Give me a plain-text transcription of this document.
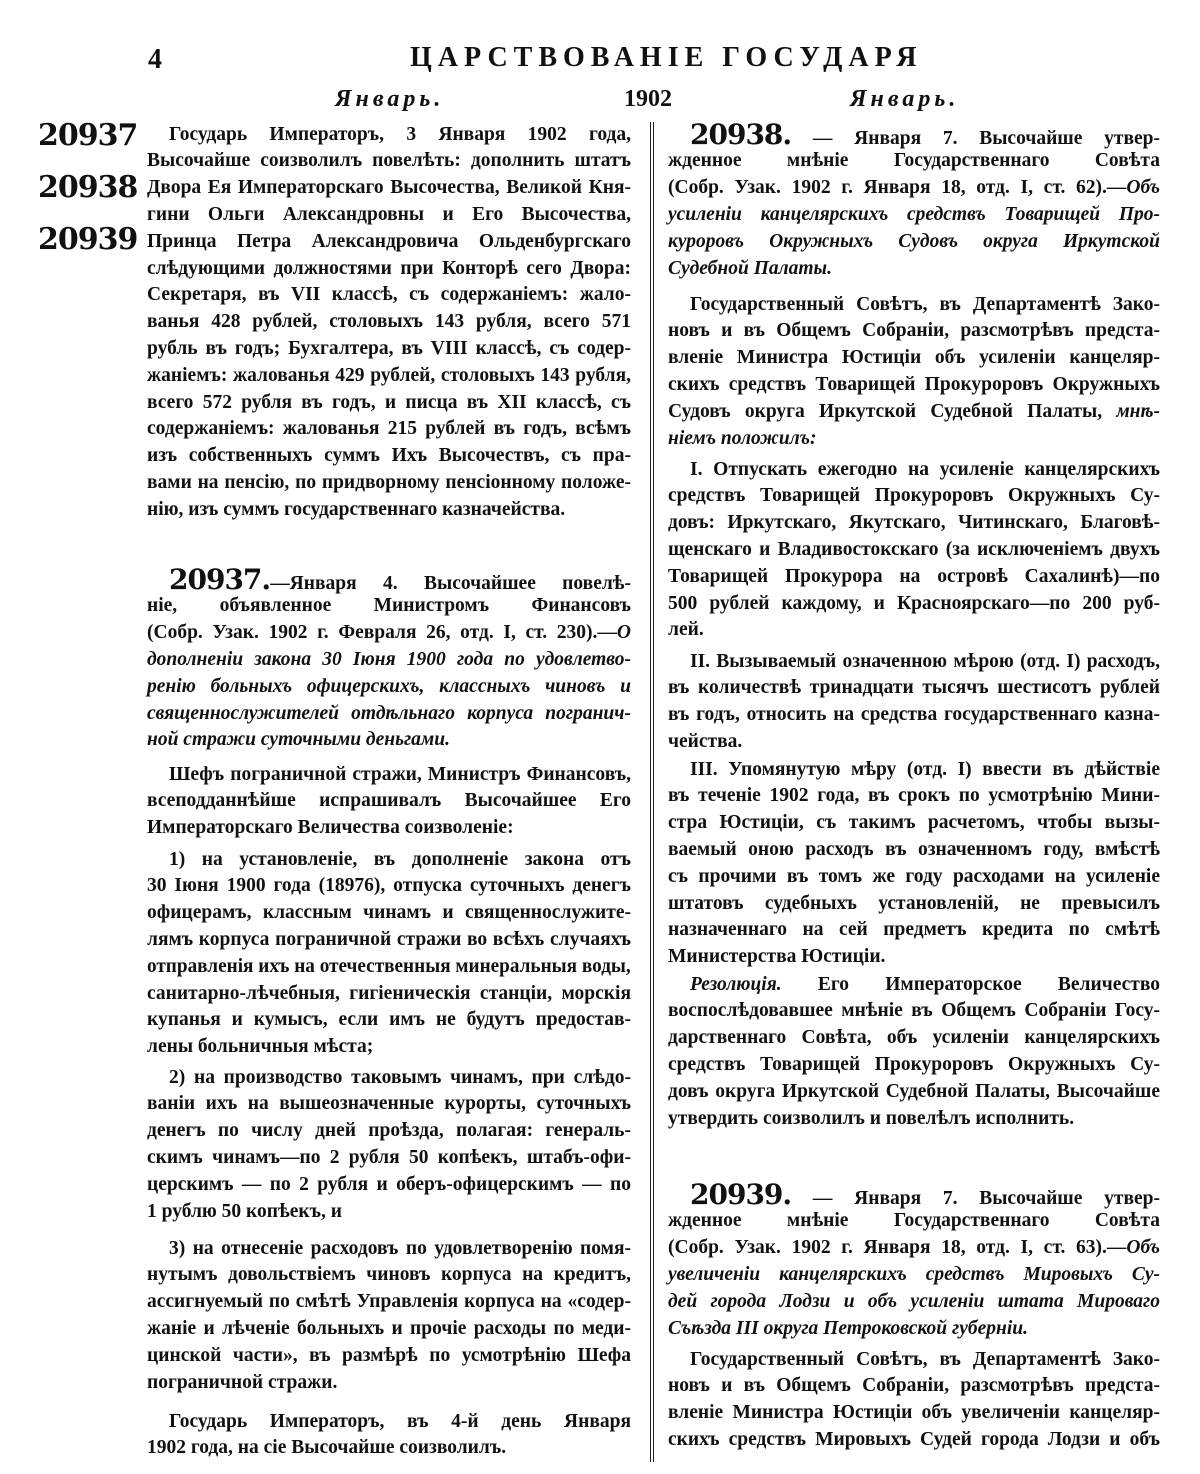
4	ЦАРСТВОВАНІЕ ГОСУДАРЯ
Январь.	1902	Январь.
20937
20938
20939
Государь Императоръ, 3 Января 1902 года,
Высочайше соизволилъ повелѣть: дополнить штатъ
Двора Ея Императорскаго Высочества, Великой Кня-
гини Ольги Александровны и Его Высочества,
Принца Петра Александровича Ольденбургскаго
слѣдующими должностями при Конторѣ сего Двора:
Секретаря, въ VII классѣ, съ содержаніемъ: жало-
ванья 428 рублей, столовыхъ 143 рубля, всего 571
рубль въ годъ; Бухгалтера, въ VIII классѣ, съ содер-
жаніемъ: жалованья 429 рублей, столовыхъ 143 рубля,
всего 572 рубля въ годъ, и писца въ XII классѣ, съ
содержаніемъ: жалованья 215 рублей въ годъ, всѣмъ
изъ собственныхъ суммъ Ихъ Высочествъ, съ пра-
вами на пенсію, по придворному пенсіонному положе-
нію, изъ суммъ государственнаго казначейства.
20937.—Января 4. Высочайшее повелѣ-
ніе, объявленное Министромъ Финансовъ
(Собр. Узак. 1902 г. Февраля 26, отд. I, ст. 230).—О
дополненіи закона 30 Іюня 1900 года по удовлетво-
ренію больныхъ офицерскихъ, классныхъ чиновъ и
священнослужителей отдѣльнаго корпуса погранич-
ной стражи суточными деньгами.
Шефъ пограничной стражи, Министръ Финансовъ,
всеподданнѣйше испрашивалъ Высочайшее Его
Императорскаго Величества соизволеніе:
1) на установленіе, въ дополненіе закона отъ
30 Іюня 1900 года (18976), отпуска суточныхъ денегъ
офицерамъ, классным чинамъ и священнослужите-
лямъ корпуса пограничной стражи во всѣхъ случаяхъ
отправленія ихъ на отечественныя минеральныя воды,
санитарно-лѣчебныя, гигіеническія станціи, морскія
купанья и кумысъ, если имъ не будутъ предостав-
лены больничныя мѣста;
2) на производство таковымъ чинамъ, при слѣдо-
ваніи ихъ на вышеозначенные курорты, суточныхъ
денегъ по числу дней проѣзда, полагая: генераль-
скимъ чинамъ—по 2 рубля 50 копѣекъ, штабъ-офи-
церскимъ — по 2 рубля и оберъ-офицерскимъ — по
1 рублю 50 копѣекъ, и
3) на отнесеніе расходовъ по удовлетворенію помя-
нутымъ довольствіемъ чиновъ корпуса на кредитъ,
ассигнуемый по смѣтѣ Управленія корпуса на «содер-
жаніе и лѣченіе больныхъ и прочіе расходы по меди-
цинской части», въ размѣрѣ по усмотрѣнію Шефа
пограничной стражи.
Государь Императоръ, въ 4-й день Января
1902 года, на сіе Высочайше соизволилъ.
20938. — Января 7. Высочайше утвер-
жденное мнѣніе Государственнаго Совѣта
(Собр. Узак. 1902 г. Января 18, отд. I, ст. 62).—Объ
усиленіи канцелярскихъ средствъ Товарищей Про-
куроровъ Окружныхъ Судовъ округа Иркутской
Судебной Палаты.
Государственный Совѣтъ, въ Департаментѣ Зако-
новъ и въ Общемъ Собраніи, разсмотрѣвъ предста-
вленіе Министра Юстиціи объ усиленіи канцеляр-
скихъ средствъ Товарищей Прокуроровъ Окружныхъ
Судовъ округа Иркутской Судебной Палаты, мнѣ-
ніемъ положилъ:
I. Отпускать ежегодно на усиленіе канцелярскихъ
средствъ Товарищей Прокуроровъ Окружныхъ Су-
довъ: Иркутскаго, Якутскаго, Читинскаго, Благовѣ-
щенскаго и Владивостокскаго (за исключеніемъ двухъ
Товарищей Прокурора на островѣ Сахалинѣ)—по
500 рублей каждому, и Красноярскаго—по 200 руб-
лей.
II. Вызываемый означенною мѣрою (отд. I) расходъ,
въ количествѣ тринадцати тысячъ шестисотъ рублей
въ годъ, относить на средства государственнаго казна-
чейства.
III. Упомянутую мѣру (отд. I) ввести въ дѣйствіе
въ теченіе 1902 года, въ срокъ по усмотрѣнію Мини-
стра Юстиціи, съ такимъ расчетомъ, чтобы вызы-
ваемый оною расходъ въ означенномъ году, вмѣстѣ
съ прочими въ томъ же году расходами на усиленіе
штатовъ судебныхъ установленій, не превысилъ
назначеннаго на сей предметъ кредита по смѣтѣ
Министерства Юстиціи.
Резолюція. Его Императорское Величество
воспослѣдовавшее мнѣніе въ Общемъ Собраніи Госу-
дарственнаго Совѣта, объ усиленіи канцелярскихъ
средствъ Товарищей Прокуроровъ Окружныхъ Су-
довъ округа Иркутской Судебной Палаты, Высочайше
утвердить соизволилъ и повелѣлъ исполнить.
20939. — Января 7. Высочайше утвер-
жденное мнѣніе Государственнаго Совѣта
(Собр. Узак. 1902 г. Января 18, отд. I, ст. 63).—Объ
увеличеніи канцелярскихъ средствъ Мировыхъ Су-
дей города Лодзи и объ усиленіи штата Мироваго
Съѣзда III округа Петроковской губерніи.
Государственный Совѣтъ, въ Департаментѣ Зако-
новъ и въ Общемъ Собраніи, разсмотрѣвъ предста-
вленіе Министра Юстиціи объ увеличеніи канцеляр-
скихъ средствъ Мировыхъ Судей города Лодзи и объ
